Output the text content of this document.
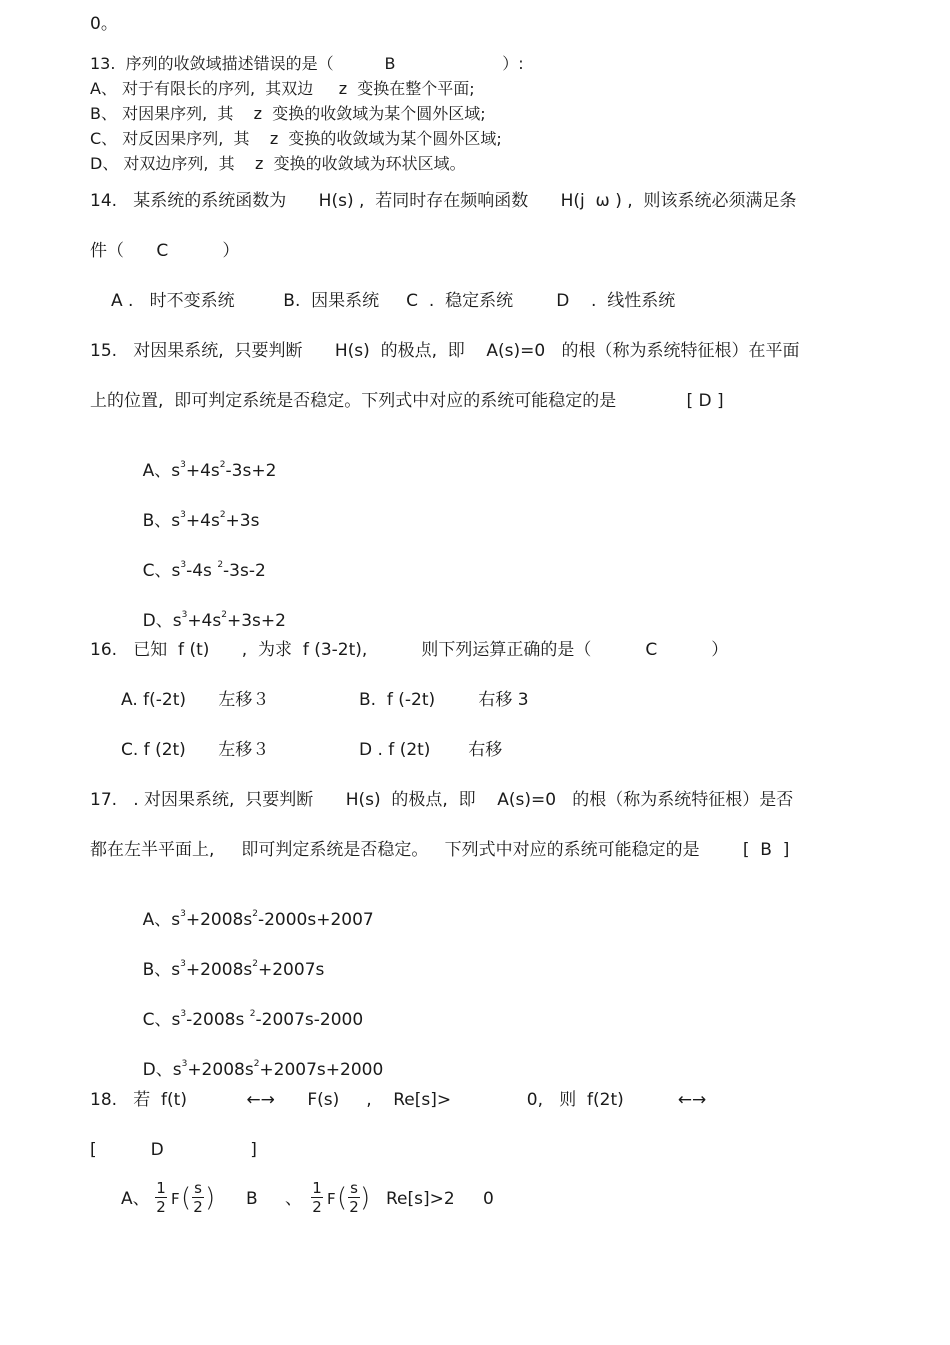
0。
13.  序列的收敛域描述错误的是（          B                     ）:
A、 对于有限长的序列,  其双边     z  变换在整个平面;
B、 对因果序列,  其    z  变换的收敛域为某个圆外区域;
C、 对反因果序列,  其    z  变换的收敛域为某个圆外区域;
D、 对双边序列,  其    z  变换的收敛域为环状区域。
14.   某系统的系统函数为      H(s) ,  若同时存在频响函数      H(j  ω ) ,  则该系统必须满足条
件（      C          ）
A .   时不变系统         B.  因果系统     C  .  稳定系统        D    .  线性系统
15.   对因果系统,  只要判断      H(s)  的极点,  即    A(s)=0   的根（称为系统特征根）在平面
上的位置,  即可判定系统是否稳定。下列式中对应的系统可能稳定的是             [ D ]

A、$s^3+4s^2-3s+2$

B、$s^3+4s^2+3s$

C、$s^3-4s$ $^2$-3s-2

D、$s^3+4s^2+3s+2$

16.   已知  f (t)      ,  为求  f (3-2t),          则下列运算正确的是（          C          ）
A. f(-2t)      左移３	B.  f (-2t)        右移 3
C. f (2t)      左移３	D . f (2t)       右移
17.   . 对因果系统,  只要判断      H(s)  的极点,  即    A(s)=0   的根（称为系统特征根）是否
都在左半平面上,     即可判定系统是否稳定。   下列式中对应的系统可能稳定的是        [  B  ]

A、$s^3+2008s^2-2000s+2007$

B、$s^3+2008s^2+2007s$

C、$s^3-2008s$ $^2$-2007s-2000

D、$s^3+2008s^2+2007s+2000$

18.   若  f(t)           ←→      F(s)     ,    Re[s]>              0,   则  f(2t)          ←→
[          D                ]
A、
1
2 F ( s
2 ) B 、
1
2 F ( s
2 ) Re[s]>2 0
